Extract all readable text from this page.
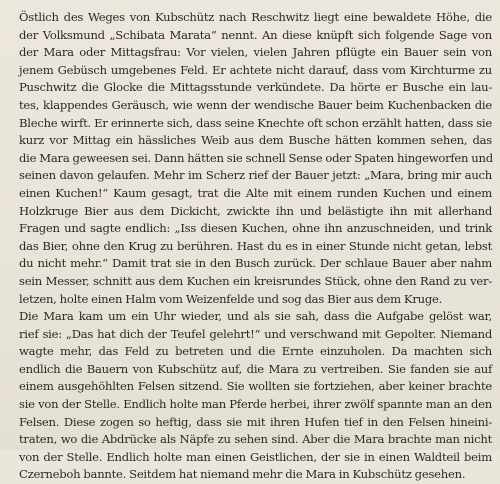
Östlich des Weges von Kubschütz nach Reschwitz liegt eine bewaldete Höhe, die
der Volksmund „Schibata Marata“ nennt. An diese knüpft sich folgende Sage von
der Mara oder Mittagsfrau: Vor vielen, vielen Jahren pflügte ein Bauer sein von
jenem Gebüsch umgebenes Feld. Er achtete nicht darauf, dass vom Kirchturme zu
Puschwitz die Glocke die Mittagsstunde verkündete. Da hörte er Busche ein lau-
tes, klappendes Geräusch, wie wenn der wendische Bauer beim Kuchenbacken die
Bleche wirft. Er erinnerte sich, dass seine Knechte oft schon erzählt hatten, dass sie
kurz vor Mittag ein hässliches Weib aus dem Busche hätten kommen sehen, das
die Mara geweesen sei. Dann hätten sie schnell Sense oder Spaten hingeworfen und
seinen davon gelaufen. Mehr im Scherz rief der Bauer jetzt: „Mara, bring mir auch
einen Kuchen!“ Kaum gesagt, trat die Alte mit einem runden Kuchen und einem
Holzkruge Bier aus dem Dickicht, zwickte ihn und belästigte ihn mit allerhand
Fragen und sagte endlich: „Iss diesen Kuchen, ohne ihn anzuschneiden, und trink
das Bier, ohne den Krug zu berühren. Hast du es in einer Stunde nicht getan, lebst
du nicht mehr.“ Damit trat sie in den Busch zurück. Der schlaue Bauer aber nahm
sein Messer, schnitt aus dem Kuchen ein kreisrundes Stück, ohne den Rand zu ver-
letzen, holte einen Halm vom Weizenfelde und sog das Bier aus dem Kruge.
Die Mara kam um ein Uhr wieder, und als sie sah, dass die Aufgabe gelöst war,
rief sie: „Das hat dich der Teufel gelehrt!“ und verschwand mit Gepolter. Niemand
wagte mehr, das Feld zu betreten und die Ernte einzuholen. Da machten sich
endlich die Bauern von Kubschütz auf, die Mara zu vertreiben. Sie fanden sie auf
einem ausgehöhlten Felsen sitzend. Sie wollten sie fortziehen, aber keiner brachte
sie von der Stelle. Endlich holte man Pferde herbei, ihrer zwölf spannte man an den
Felsen. Diese zogen so heftig, dass sie mit ihren Hufen tief in den Felsen hineini-
traten, wo die Abdrücke als Näpfe zu sehen sind. Aber die Mara brachte man nicht
von der Stelle. Endlich holte man einen Geistlichen, der sie in einen Waldteil beim
Czerneboh bannte. Seitdem hat niemand mehr die Mara in Kubschütz gesehen.
